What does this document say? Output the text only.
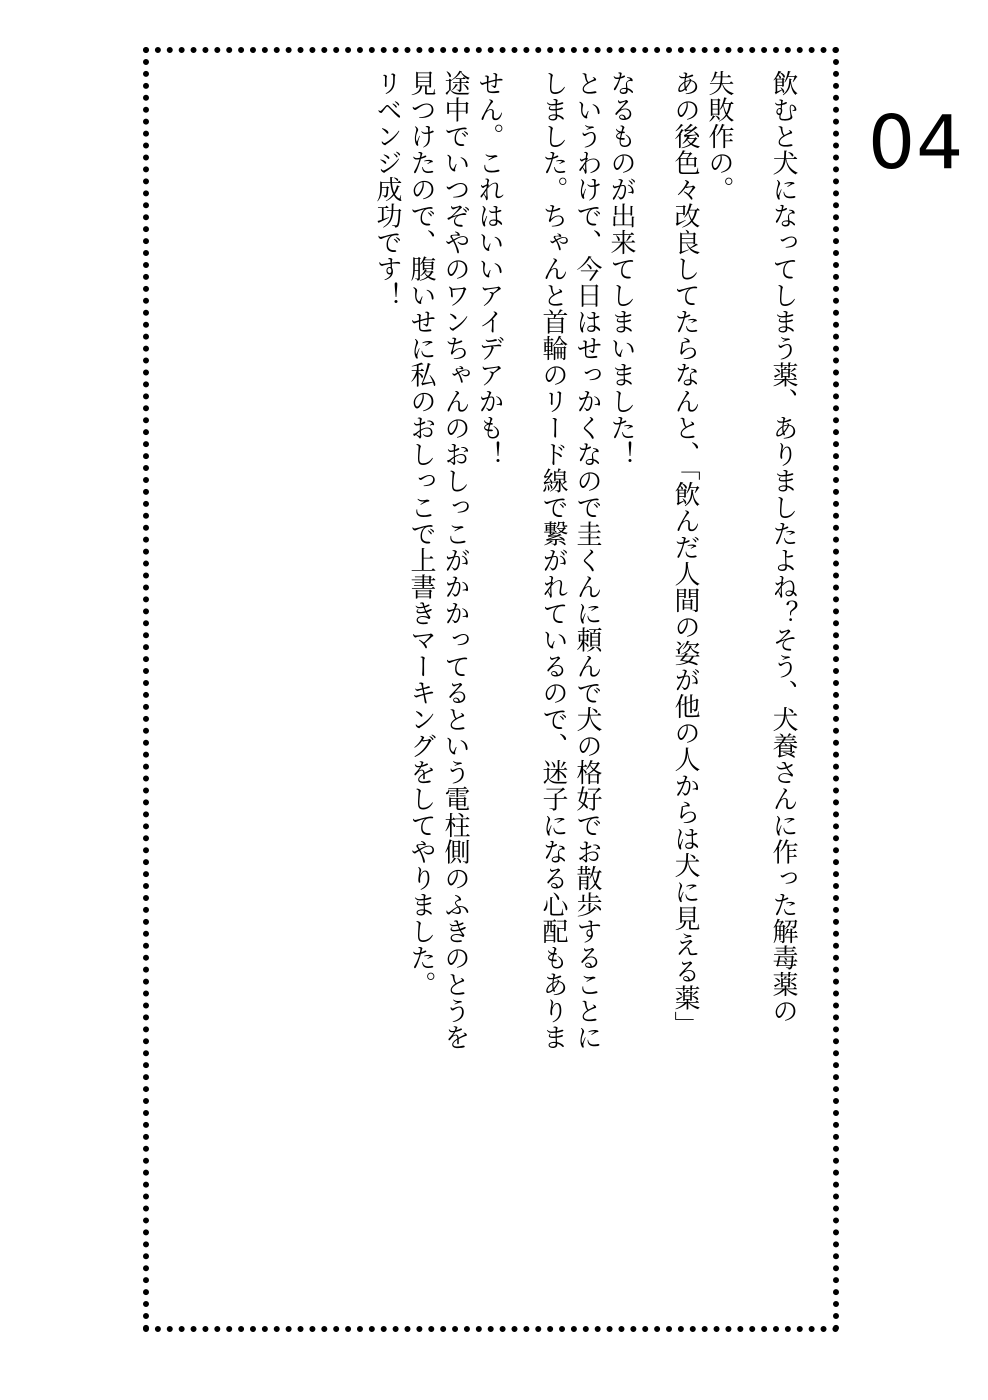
04
飲むと犬になってしまう薬、ありましたよね？そう、犬養さんに作った解毒薬の
失敗作の。
あの後色々改良してたらなんと、「飲んだ人間の姿が他の人からは犬に見える薬」
なるものが出来てしまいました！
というわけで、今日はせっかくなので圭くんに頼んで犬の格好でお散歩することに
しました。ちゃんと首輪のリード線で繋がれているので、迷子になる心配もありま
せん。これはいいアイデアかも！
途中でいつぞやのワンちゃんのおしっこがかかってるという電柱側のふきのとうを
見つけたので、腹いせに私のおしっこで上書きマーキングをしてやりました。
リベンジ成功です！
